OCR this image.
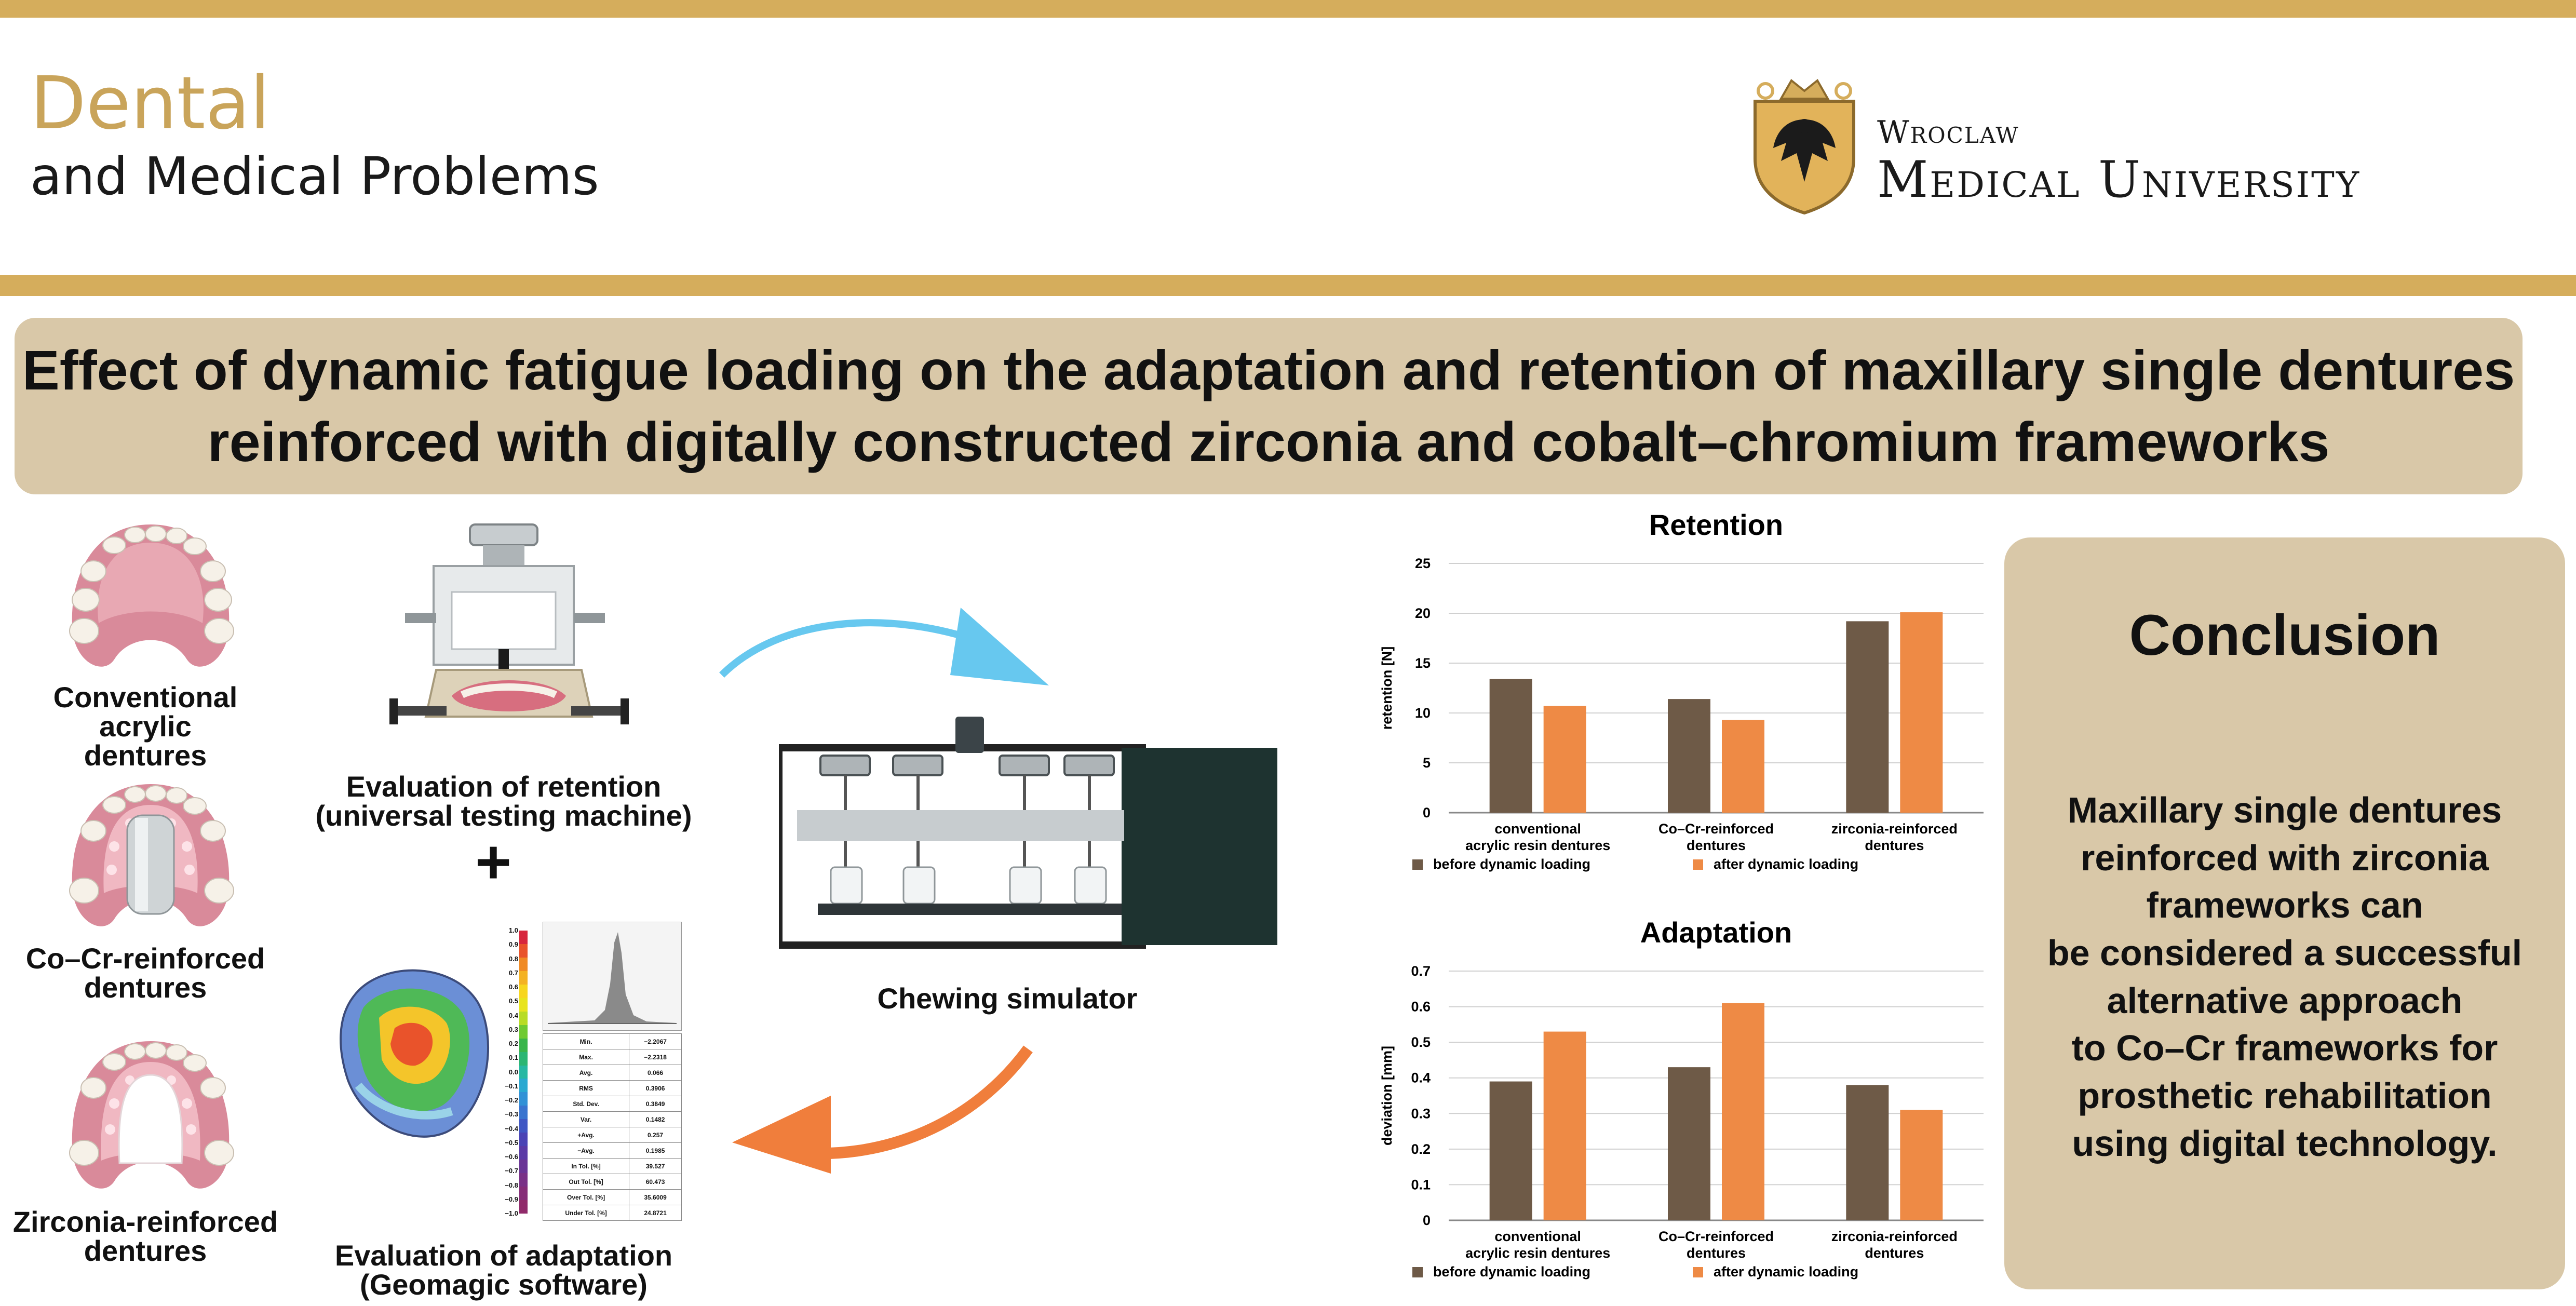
Dental
and Medical Problems
Wroclaw
Medical University
Effect of dynamic fatigue loading on the adaptation and retention of maxillary single dentures
reinforced with digitally constructed zirconia and cobalt–chromium frameworks
Conventional
acrylic
dentures
Co–Cr-reinforced
dentures
Zirconia-reinforced
dentures
Evaluation of retention
(universal testing machine)
+
1.0
0.9
0.8
0.7
0.6
0.5
0.4
0.3
0.2
0.1
0.0
−0.1
−0.2
−0.3
−0.4
−0.5
−0.6
−0.7
−0.8
−0.9
−1.0
Min.	−2.2067
Max.	−2.2318
Avg.	0.066
RMS	0.3906
Std. Dev.	0.3849
Var.	0.1482
+Avg.	0.257
−Avg.	0.1985
In Tol. [%]	39.527
Out Tol. [%]	60.473
Over Tol. [%]	35.6009
Under Tol. [%]	24.8721
Evaluation of adaptation
(Geomagic software)
Chewing simulator
Retention
0
5
10
15
20
25
retention [N]
conventional
acrylic resin dentures
Co–Cr-reinforced
dentures
zirconia-reinforced
dentures
before dynamic loading	after dynamic loading
Adaptation
0
0.1
0.2
0.3
0.4
0.5
0.6
0.7
deviation [mm]
conventional
acrylic resin dentures
Co–Cr-reinforced
dentures
zirconia-reinforced
dentures
before dynamic loading	after dynamic loading
Conclusion
Maxillary single dentures
reinforced with zirconia
frameworks can
be considered a successful
alternative approach
to Co–Cr frameworks for
prosthetic rehabilitation
using digital technology.
